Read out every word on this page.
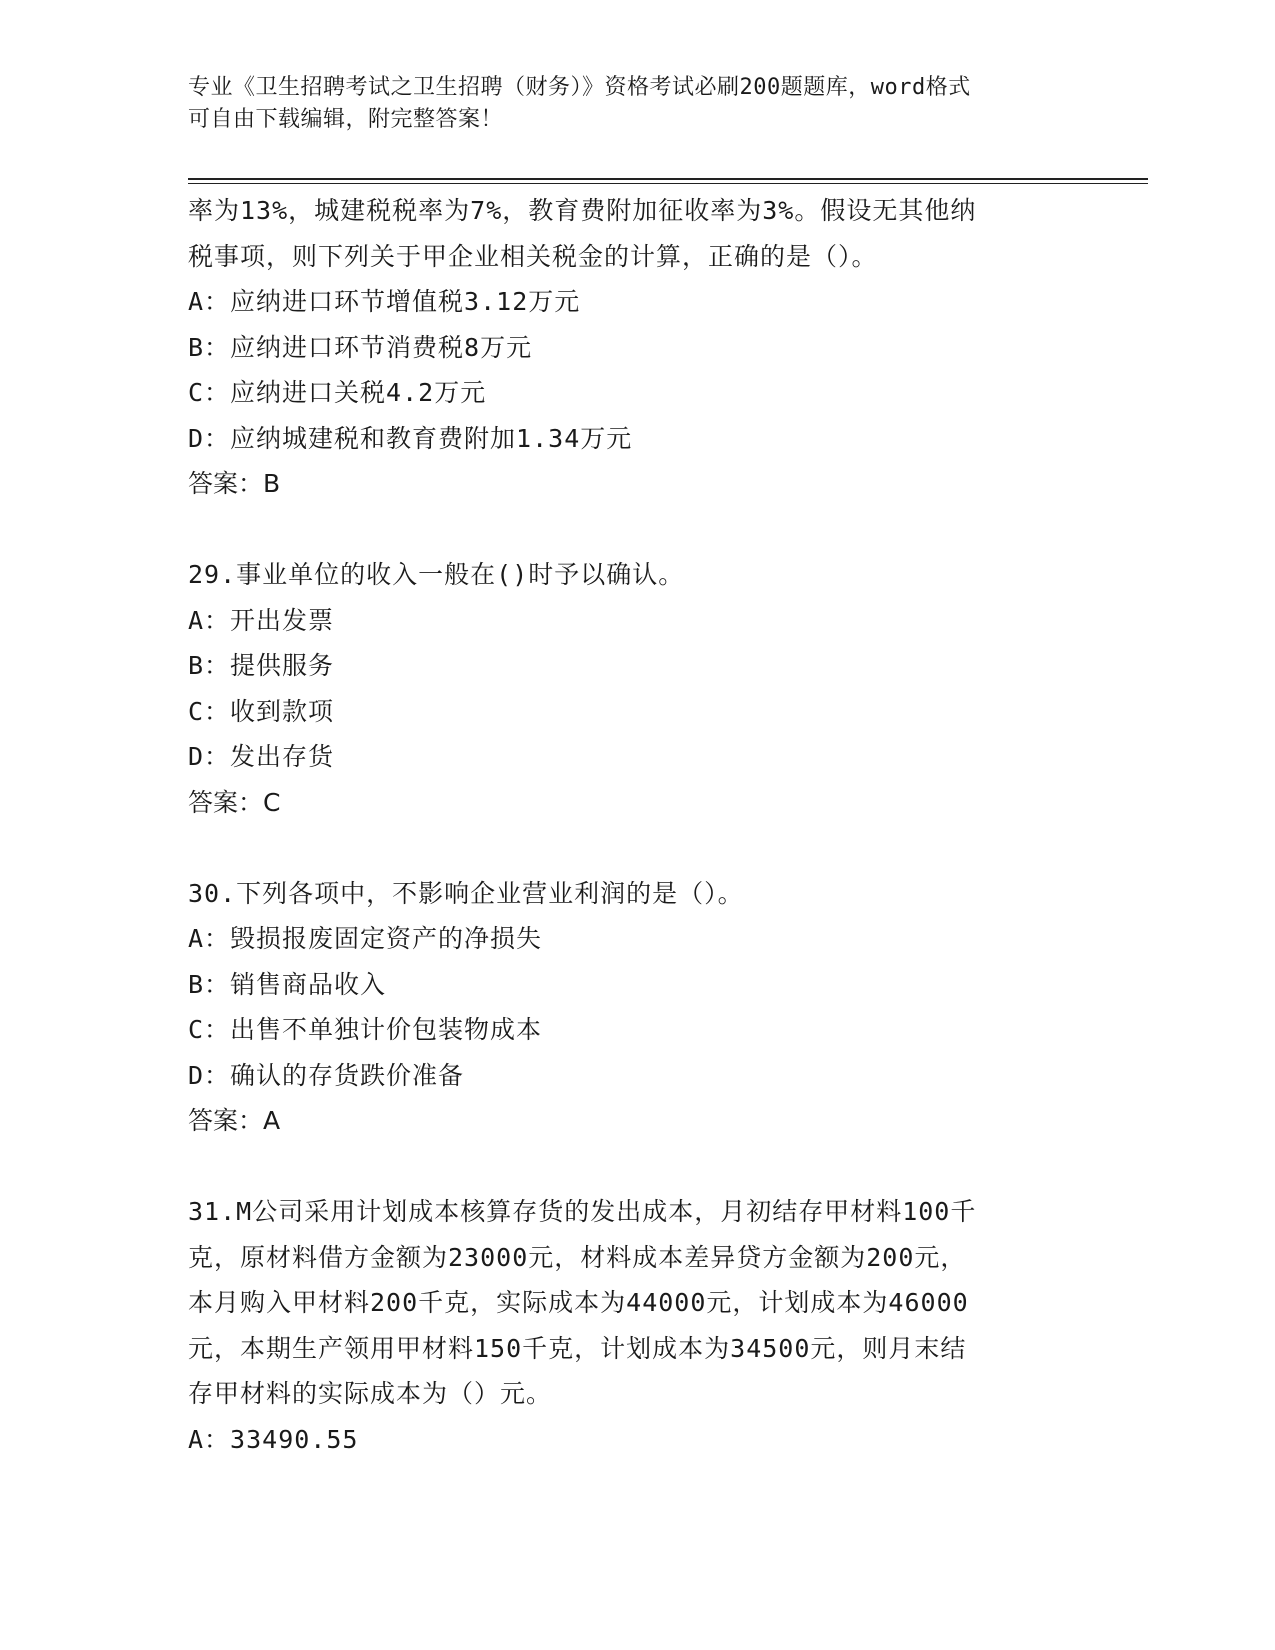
专业《卫生招聘考试之卫生招聘（财务）》资格考试必刷200题题库，word格式
可自由下载编辑，附完整答案！
率为13%，城建税税率为7%，教育费附加征收率为3%。假设无其他纳
税事项，则下列关于甲企业相关税金的计算，正确的是（）。
A：应纳进口环节增值税3.12万元
B：应纳进口环节消费税8万元
C：应纳进口关税4.2万元
D：应纳城建税和教育费附加1.34万元
答案：B
29.事业单位的收入一般在()时予以确认。
A：开出发票
B：提供服务
C：收到款项
D：发出存货
答案：C
30.下列各项中，不影响企业营业利润的是（）。
A：毁损报废固定资产的净损失
B：销售商品收入
C：出售不单独计价包装物成本
D：确认的存货跌价准备
答案：A
31.M公司采用计划成本核算存货的发出成本，月初结存甲材料100千
克，原材料借方金额为23000元，材料成本差异贷方金额为200元，
本月购入甲材料200千克，实际成本为44000元，计划成本为46000
元，本期生产领用甲材料150千克，计划成本为34500元，则月末结
存甲材料的实际成本为（）元。
A：33490.55
